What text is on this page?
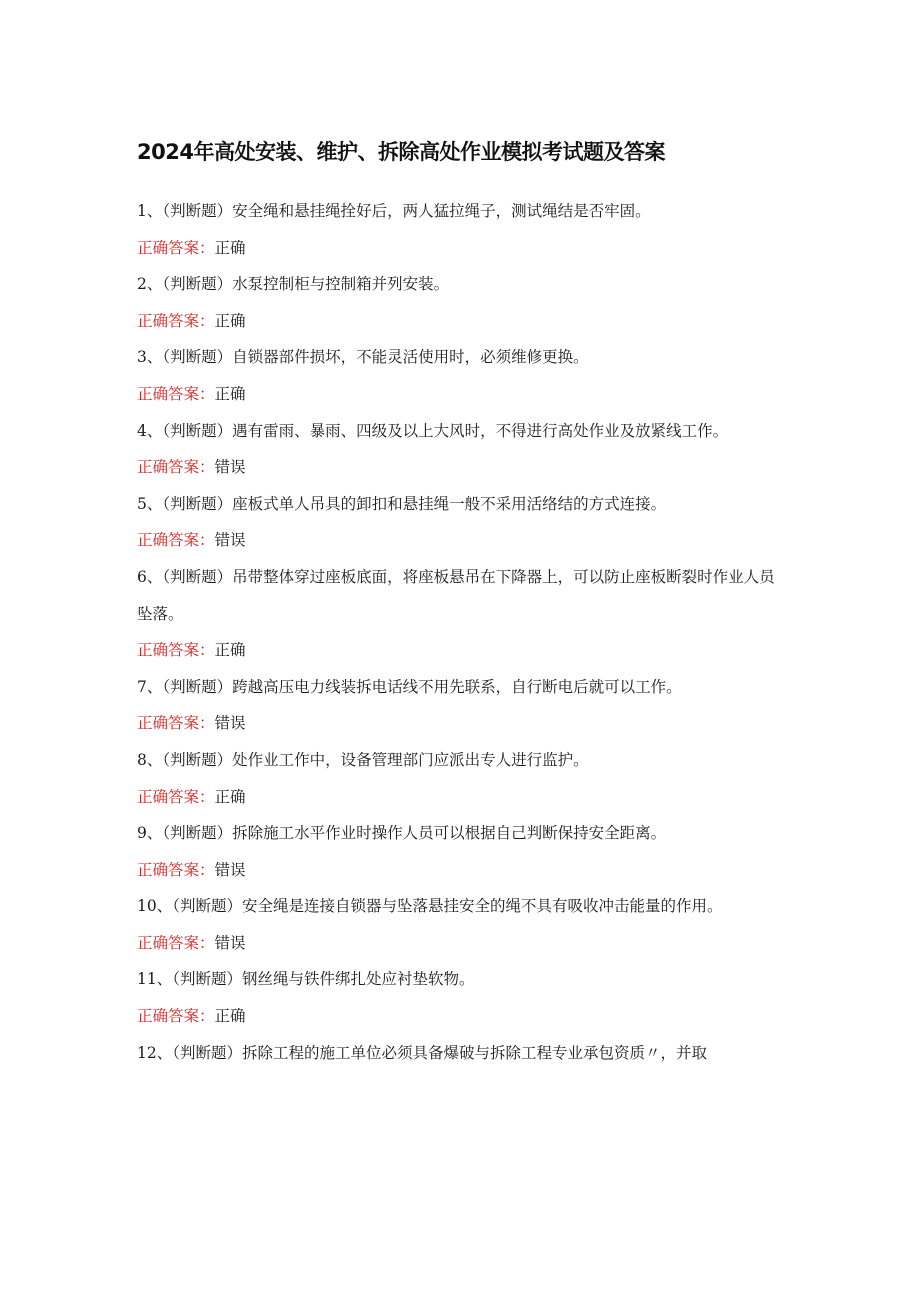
2024年高处安装、维护、拆除高处作业模拟考试题及答案
1、（判断题）安全绳和悬挂绳拴好后，两人猛拉绳子，测试绳结是否牢固。
正确答案：正确
2、（判断题）水泵控制柜与控制箱并列安装。
正确答案：正确
3、（判断题）自锁器部件损坏，不能灵活使用时，必须维修更换。
正确答案：正确
4、（判断题）遇有雷雨、暴雨、四级及以上大风时，不得进行高处作业及放紧线工作。
正确答案：错误
5、（判断题）座板式单人吊具的卸扣和悬挂绳一般不采用活络结的方式连接。
正确答案：错误
6、（判断题）吊带整体穿过座板底面，将座板悬吊在下降器上，可以防止座板断裂时作业人员坠落。
正确答案：正确
7、（判断题）跨越高压电力线装拆电话线不用先联系，自行断电后就可以工作。
正确答案：错误
8、（判断题）处作业工作中，设备管理部门应派出专人进行监护。
正确答案：正确
9、（判断题）拆除施工水平作业时操作人员可以根据自己判断保持安全距离。
正确答案：错误
10、（判断题）安全绳是连接自锁器与坠落悬挂安全的绳不具有吸收冲击能量的作用。
正确答案：错误
11、（判断题）钢丝绳与铁件绑扎处应衬垫软物。
正确答案：正确
12、（判断题）拆除工程的施工单位必须具备爆破与拆除工程专业承包资质〃，并取
